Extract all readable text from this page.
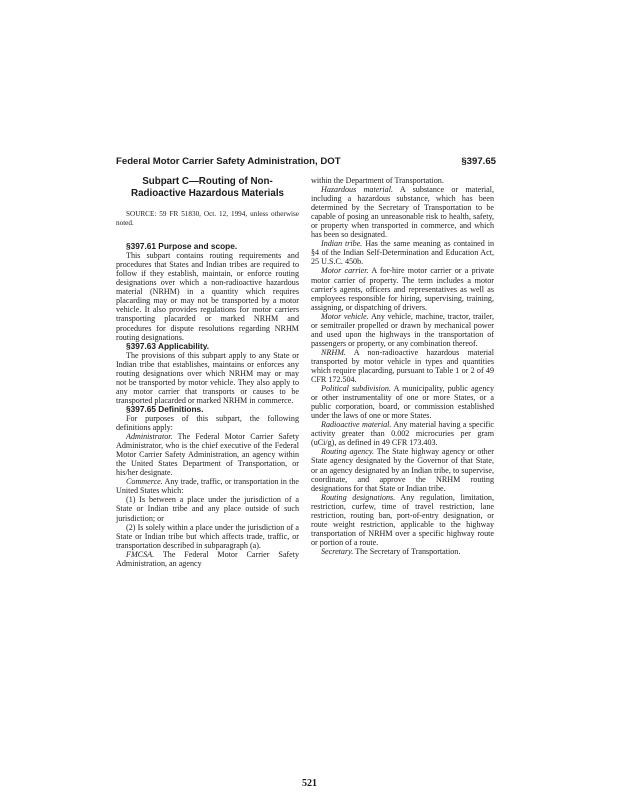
Federal Motor Carrier Safety Administration, DOT	§397.65
Subpart C—Routing of Non-Radioactive Hazardous Materials

SOURCE: 59 FR 51830, Oct. 12, 1994, unless otherwise noted.

§397.61 Purpose and scope.

This subpart contains routing requirements and procedures that States and Indian tribes are required to follow if they establish, maintain, or enforce routing designations over which a non-radioactive hazardous material (NRHM) in a quantity which requires placarding may or may not be transported by a motor vehicle. It also provides regulations for motor carriers transporting placarded or marked NRHM and procedures for dispute resolutions regarding NRHM routing designations.

§397.63 Applicability.

The provisions of this subpart apply to any State or Indian tribe that establishes, maintains or enforces any routing designations over which NRHM may or may not be transported by motor vehicle. They also apply to any motor carrier that transports or causes to be transported placarded or marked NRHM in commerce.

§397.65 Definitions.

For purposes of this subpart, the following definitions apply:

Administrator. The Federal Motor Carrier Safety Administrator, who is the chief executive of the Federal Motor Carrier Safety Administration, an agency within the United States Department of Transportation, or his/her designate.

Commerce. Any trade, traffic, or transportation in the United States which:

(1) Is between a place under the jurisdiction of a State or Indian tribe and any place outside of such jurisdiction; or

(2) Is solely within a place under the jurisdiction of a State or Indian tribe but which affects trade, traffic, or transportation described in subparagraph (a).

FMCSA. The Federal Motor Carrier Safety Administration, an agency

within the Department of Transportation.

Hazardous material. A substance or material, including a hazardous substance, which has been determined by the Secretary of Transportation to be capable of posing an unreasonable risk to health, safety, or property when transported in commerce, and which has been so designated.

Indian tribe. Has the same meaning as contained in §4 of the Indian Self-Determination and Education Act, 25 U.S.C. 450b.

Motor carrier. A for-hire motor carrier or a private motor carrier of property. The term includes a motor carrier's agents, officers and representatives as well as employees responsible for hiring, supervising, training, assigning, or dispatching of drivers.

Motor vehicle. Any vehicle, machine, tractor, trailer, or semitrailer propelled or drawn by mechanical power and used upon the highways in the transportation of passengers or property, or any combination thereof.

NRHM. A non-radioactive hazardous material transported by motor vehicle in types and quantities which require placarding, pursuant to Table 1 or 2 of 49 CFR 172.504.

Political subdivision. A municipality, public agency or other instrumentality of one or more States, or a public corporation, board, or commission established under the laws of one or more States.

Radioactive material. Any material having a specific activity greater than 0.002 microcuries per gram (uCi/g), as defined in 49 CFR 173.403.

Routing agency. The State highway agency or other State agency designated by the Governor of that State, or an agency designated by an Indian tribe, to supervise, coordinate, and approve the NRHM routing designations for that State or Indian tribe.

Routing designations. Any regulation, limitation, restriction, curfew, time of travel restriction, lane restriction, routing ban, port-of-entry designation, or route weight restriction, applicable to the highway transportation of NRHM over a specific highway route or portion of a route.

Secretary. The Secretary of Transportation.

521
